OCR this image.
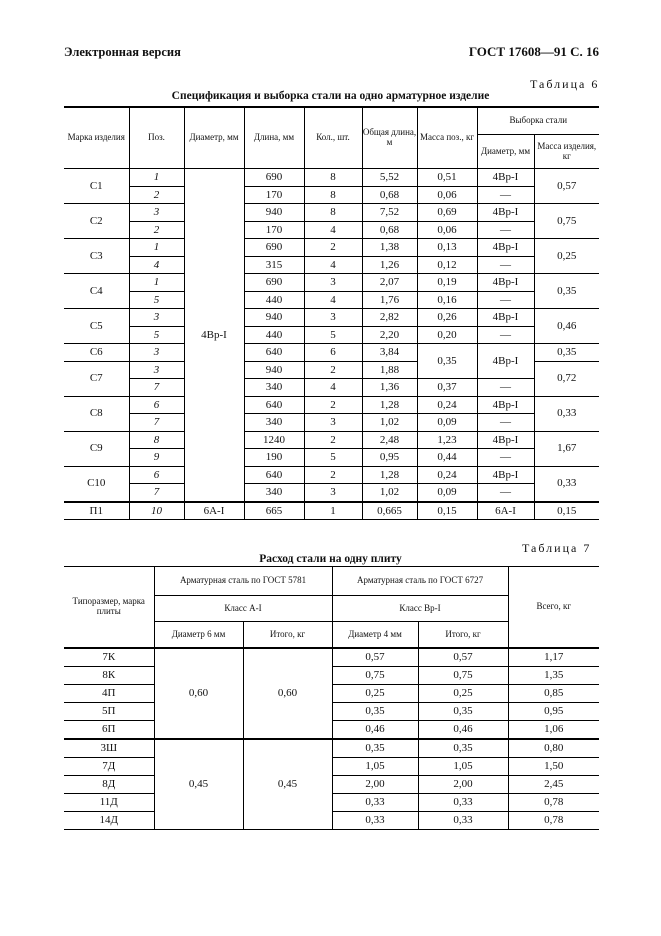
Электронная версия	ГОСТ 17608—91 С. 16
Таблица 6
Спецификация и выборка стали на одно арматурное изделие
Марка изделия	Поз.	Диаметр, мм	Длина, мм	Кол., шт.	Общая длина, м	Масса поз., кг	Выборка стали	
							Диаметр, мм	Масса изделия, кг
С1	1	4Вр-I	690	8	5,52	0,51	4Вр-I	0,57
	2		170	8	0,68	0,06	—	
С2	3		940	8	7,52	0,69	4Вр-I	0,75
	2		170	4	0,68	0,06	—	
С3	1		690	2	1,38	0,13	4Вр-I	0,25
	4		315	4	1,26	0,12	—	
С4	1		690	3	2,07	0,19	4Вр-I	0,35
	5		440	4	1,76	0,16	—	
С5	3		940	3	2,82	0,26	4Вр-I	0,46
	5		440	5	2,20	0,20	—	
С6	3		640	6	3,84	0,35	4Вр-I	0,35
С7	3		940	2	1,88			0,72
	7		340	4	1,36	0,37	—	
С8	6		640	2	1,28	0,24	4Вр-I	0,33
	7		340	3	1,02	0,09	—	
С9	8		1240	2	2,48	1,23	4Вр-I	1,67
	9		190	5	0,95	0,44	—	
С10	6		640	2	1,28	0,24	4Вр-I	0,33
	7		340	3	1,02	0,09	—	
П1	10	6А-I	665	1	0,665	0,15	6А-I	0,15
Таблица 7
Расход стали на одну плиту
Типоразмер, марка плиты	Арматурная сталь по ГОСТ 5781		Арматурная сталь по ГОСТ 6727		Всего, кг
	Класс А-I		Класс Вр-I		
	Диаметр 6 мм	Итого, кг	Диаметр 4 мм	Итого, кг	
7К	0,60	0,60	0,57	0,57	1,17
8К			0,75	0,75	1,35
4П			0,25	0,25	0,85
5П			0,35	0,35	0,95
6П			0,46	0,46	1,06
3Ш	0,45	0,45	0,35	0,35	0,80
7Д			1,05	1,05	1,50
8Д			2,00	2,00	2,45
11Д			0,33	0,33	0,78
14Д			0,33	0,33	0,78
